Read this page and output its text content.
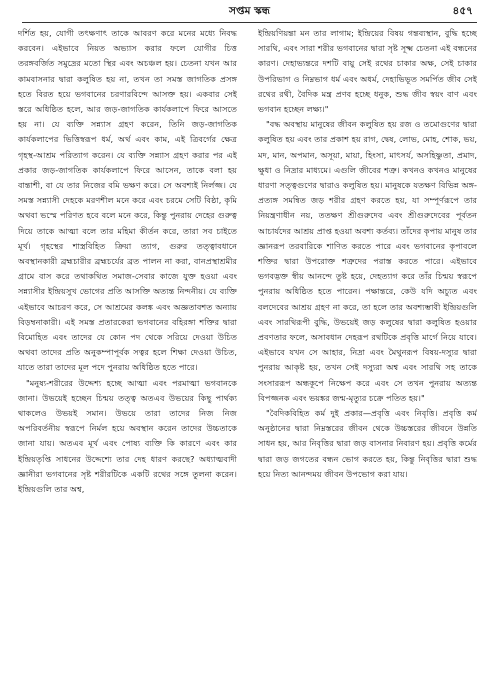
সপ্তম স্কন্ধ	৪৫৭

দর্শিত হয়, যোগী তৎক্ষণাৎ তাকে আবরণ করে মনের মধ্যে নিবদ্ধ করবেন। এইভাবে নিয়ত অভ্যাস করার ফলে যোগীর চিত্ত তরঙ্গবর্জিত সমুদ্রের মতো স্থির এবং অচঞ্চল হয়। চেতনা যখন আর কামবাসনার দ্বারা কলুষিত হয় না, তখন তা সমস্ত জাগতিক প্রসঙ্গ হতে বিরত হয়ে ভগবানের চরণারবিন্দে আসক্ত হয়। একবার সেই স্তরে অধিষ্ঠিত হলে, আর জড়-জাগতিক কার্যকলাপে ফিরে আসতে হয় না। যে ব্যক্তি সন্ন্যাস গ্রহণ করেন, তিনি জড়-জাগতিক কার্যকলাপের ভিত্তিস্বরূপ ধর্ম, অর্থ এবং কাম, এই ত্রিবর্গের ক্ষেত্র গৃহস্থ-আশ্রম পরিত্যাগ করেন। যে ব্যক্তি সন্ন্যাস গ্রহণ করার পর এই প্রকার জড়-জাগতিক কার্যকলাপে ফিরে আসেন, তাকে বলা হয় বান্তাশী, বা যে তার নিজের বমি ভক্ষণ করে। সে অবশ্যই নির্লজ্জ। যে সমস্ত সন্ন্যাসী দেহকে মরণশীল মনে করে এবং চরমে সেটি বিষ্ঠা, কৃমি অথবা ভস্মে পরিণত হবে বলে মনে করে, কিন্তু পুনরায় দেহের গুরুত্ব দিয়ে তাকে আত্মা বলে তার মহিমা কীর্তন করে, তারা সব চাইতে মূর্খ। গৃহস্থের শাস্ত্রবিহিত ক্রিয়া ত্যাগ, গুরুর তত্ত্বাবধানে অবস্থানকারী ব্রহ্মচারীর ব্রহ্মচর্যের ব্রত পালন না করা, বানপ্রস্থাশ্রমীর গ্রামে বাস করে তথাকথিত সমাজ-সেবার কাজে যুক্ত হওয়া এবং সন্ন্যাসীর ইন্দ্রিয়সুখ ভোগের প্রতি আসক্তি অত্যন্ত নিন্দনীয়। যে ব্যক্তি এইভাবে আচরণ করে, সে আশ্রমের কলঙ্ক এবং অজ্ঞতাবশত অন্যায় বিড়ম্বনাকারী। এই সমস্ত প্রতারকেরা ভগবানের বহিরঙ্গা শক্তির দ্বারা বিমোহিত এবং তাদের যে কোন পদ থেকে সরিয়ে দেওয়া উচিত অথবা তাদের প্রতি অনুকম্পাপূর্বক সত্বর হলে শিক্ষা দেওয়া উচিত, যাতে তারা তাদের মূল পদে পুনরায় অধিষ্ঠিত হতে পারে।

"মনুষ্য-শরীরের উদ্দেশ্য হচ্ছে আত্মা এবং পরমাত্মা ভগবানকে জানা। উভয়েই হচ্ছেন চিন্ময় তত্ত্ব অতএব উভয়ের কিছু পার্থক্য থাকলেও উভয়ই সমান। উভয়ে তারা তাদের নিজ নিজ অপরিবর্তনীয় স্বরূপে নির্মল হয়ে অবস্থান করেন তাদের উচ্চতাকে জানা যায়। অতএব মূর্খ এবং পোষ্য ব্যক্তি কি কারণে এবং কার ইন্দ্রিয়তৃপ্তি সাধনের উদ্দেশ্যে তার দেহ ধারণ করছে? অধ্যাত্মবাদী জ্ঞানীরা ভগবানের সৃষ্ট শরীরটিকে একটি রথের সঙ্গে তুলনা করেন। ইন্দ্রিয়গুলি তার অশ্ব,

ইন্দ্রিয়ণিয়ন্তা মন তার লাগাম; ইন্দ্রিয়ের বিষয় গন্তব্যস্থান, বুদ্ধি হচ্ছে সারথি, এবং সারা শরীর ভগবানের দ্বারা সৃষ্ট সূক্ষ্ম চেতনা এই বন্ধনের কারণ। দেহাভ্যন্তরে দশটি বায়ু সেই রথের চাকার অক্ষ, সেই চাকার উপরিভাগ ও নিম্নভাগ ধর্ম এবং অধর্ম, দেহাভিভূত সমর্পিত জীব সেই রথের রথী, বৈদিক মন্ত্র প্রণব হচ্ছে ধনুক, শুদ্ধ জীব স্বয়ং বাণ এবং ভগবান হচ্ছেন লক্ষ্য।"

"বদ্ধ অবস্থায় মানুষের জীবন কলুষিত হয় রজ ও তমোগুণের দ্বারা কলুষিত হয় এবং তার প্রকাশ হয় রাগ, দ্বেষ, লোভ, মোহ, শোক, ভয়, মদ, মান, অপমান, অসূয়া, মায়া, হিংসা, মাৎসর্য, অসহিষ্ণুতা, প্রমাদ, ক্ষুধা ও নিদ্রার মাধ্যমে। এগুলি জীবের শত্রু। কখনও কখনও মানুষের ধারণা সত্ত্বগুণের দ্বারাও কলুষিত হয়। মানুষকে যতক্ষণ বিভিন্ন অঙ্গ-প্রত্যঙ্গ সমন্বিত জড় শরীর গ্রহণ করতে হয়, যা সম্পূর্ণরূপে তার নিয়ন্ত্রণাধীন নয়, ততক্ষণ শ্রীগুরুদেব এবং শ্রীগুরুদেবের পূর্বতন আচার্যদের আশ্রয় প্রাপ্ত হওয়া অবশ্য কর্তব্য। তাঁদের কৃপায় মানুষ তার জ্ঞানরূপ তরবারিকে শাণিত করতে পারে এবং ভগবানের কৃপাবলে শক্তির দ্বারা উপরোক্ত শত্রুদের পরাস্ত করতে পারে। এইভাবে ভগবদ্ভক্ত স্বীয় আনন্দে তুষ্ট হয়ে, দেহত্যাগ করে তাঁর চিন্ময় স্বরূপে পুনরায় অধিষ্ঠিত হতে পারেন। পক্ষান্তরে, কেউ যদি অচ্যুত এবং বলদেবের আশ্রয় গ্রহণ না করে, তা হলে তার অবশ্যম্ভাবী ইন্দ্রিয়গুলি এবং সারথিরূপী বুদ্ধি, উভয়েই জড় কলুষের দ্বারা কলুষিত হওয়ার প্রবণতার ফলে, অসাবধান দেহরূপ রথটিকে প্রবৃত্তি মার্গে নিয়ে যাবে। এইভাবে যখন সে আহার, নিদ্রা এবং মৈথুনরূপ বিষয়-দস্যুর দ্বারা পুনরায় আকৃষ্ট হয়, তখন সেই দস্যুরা অশ্ব এবং সারথি সহ তাকে সংসাররূপ অন্ধকূপে নিক্ষেপ করে এবং সে তখন পুনরায় অত্যন্ত বিপজ্জনক এবং ভয়ঙ্কর জন্ম-মৃত্যুর চক্রে পতিত হয়।"

"বৈদিকবিহিত কর্ম দুই প্রকার—প্রবৃত্তি এবং নিবৃত্তি। প্রবৃত্তি কর্ম অনুষ্ঠানের দ্বারা নিম্নস্তরের জীবন থেকে উচ্চস্তরের জীবনে উন্নতি সাধন হয়, আর নিবৃত্তির দ্বারা জড় বাসনার নিবারণ হয়। প্রবৃত্তি কর্মের দ্বারা জড় জগতের বন্ধন ভোগ করতে হয়, কিন্তু নিবৃত্তির দ্বারা শুদ্ধ হয়ে নিত্য আনন্দময় জীবন উপভোগ করা যায়।
